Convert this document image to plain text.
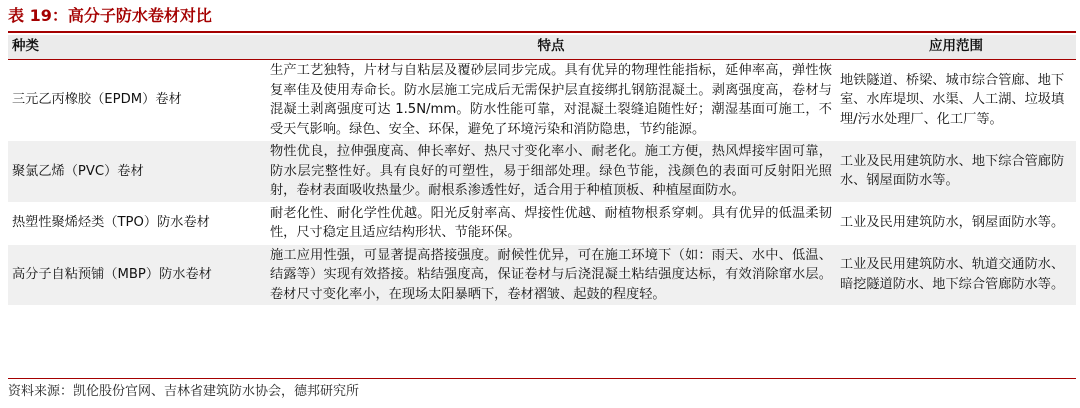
表 19：高分子防水卷材对比
种类	特点	应用范围
三元乙丙橡胶（EPDM）卷材	生产工艺独特，片材与自粘层及覆砂层同步完成。具有优异的物理性能指标，延伸率高，弹性恢复率佳及使用寿命长。防水层施工完成后无需保护层直接绑扎钢筋混凝土。剥离强度高，卷材与混凝土剥离强度可达 1.5N/mm。防水性能可靠，对混凝土裂缝追随性好；潮湿基面可施工，不受天气影响。绿色、安全、环保，避免了环境污染和消防隐患，节约能源。	地铁隧道、桥梁、城市综合管廊、地下室、水库堤坝、水渠、人工湖、垃圾填埋/污水处理厂、化工厂等。
聚氯乙烯（PVC）卷材	物性优良，拉伸强度高、伸长率好、热尺寸变化率小、耐老化。施工方便，热风焊接牢固可靠，防水层完整性好。具有良好的可塑性，易于细部处理。绿色节能，浅颜色的表面可反射阳光照射，卷材表面吸收热量少。耐根系渗透性好，适合用于种植顶板、种植屋面防水。	工业及民用建筑防水、地下综合管廊防水、钢屋面防水等。
热塑性聚烯烃类（TPO）防水卷材	耐老化性、耐化学性优越。阳光反射率高、焊接性优越、耐植物根系穿刺。具有优异的低温柔韧性，尺寸稳定且适应结构形状、节能环保。	工业及民用建筑防水，钢屋面防水等。
高分子自粘预铺（MBP）防水卷材	施工应用性强，可显著提高搭接强度。耐候性优异，可在施工环境下（如：雨天、水中、低温、结露等）实现有效搭接。粘结强度高，保证卷材与后浇混凝土粘结强度达标，有效消除窜水层。卷材尺寸变化率小，在现场太阳暴晒下，卷材褶皱、起鼓的程度轻。	工业及民用建筑防水、轨道交通防水、暗挖隧道防水、地下综合管廊防水等。
资料来源：凯伦股份官网、吉林省建筑防水协会，德邦研究所
